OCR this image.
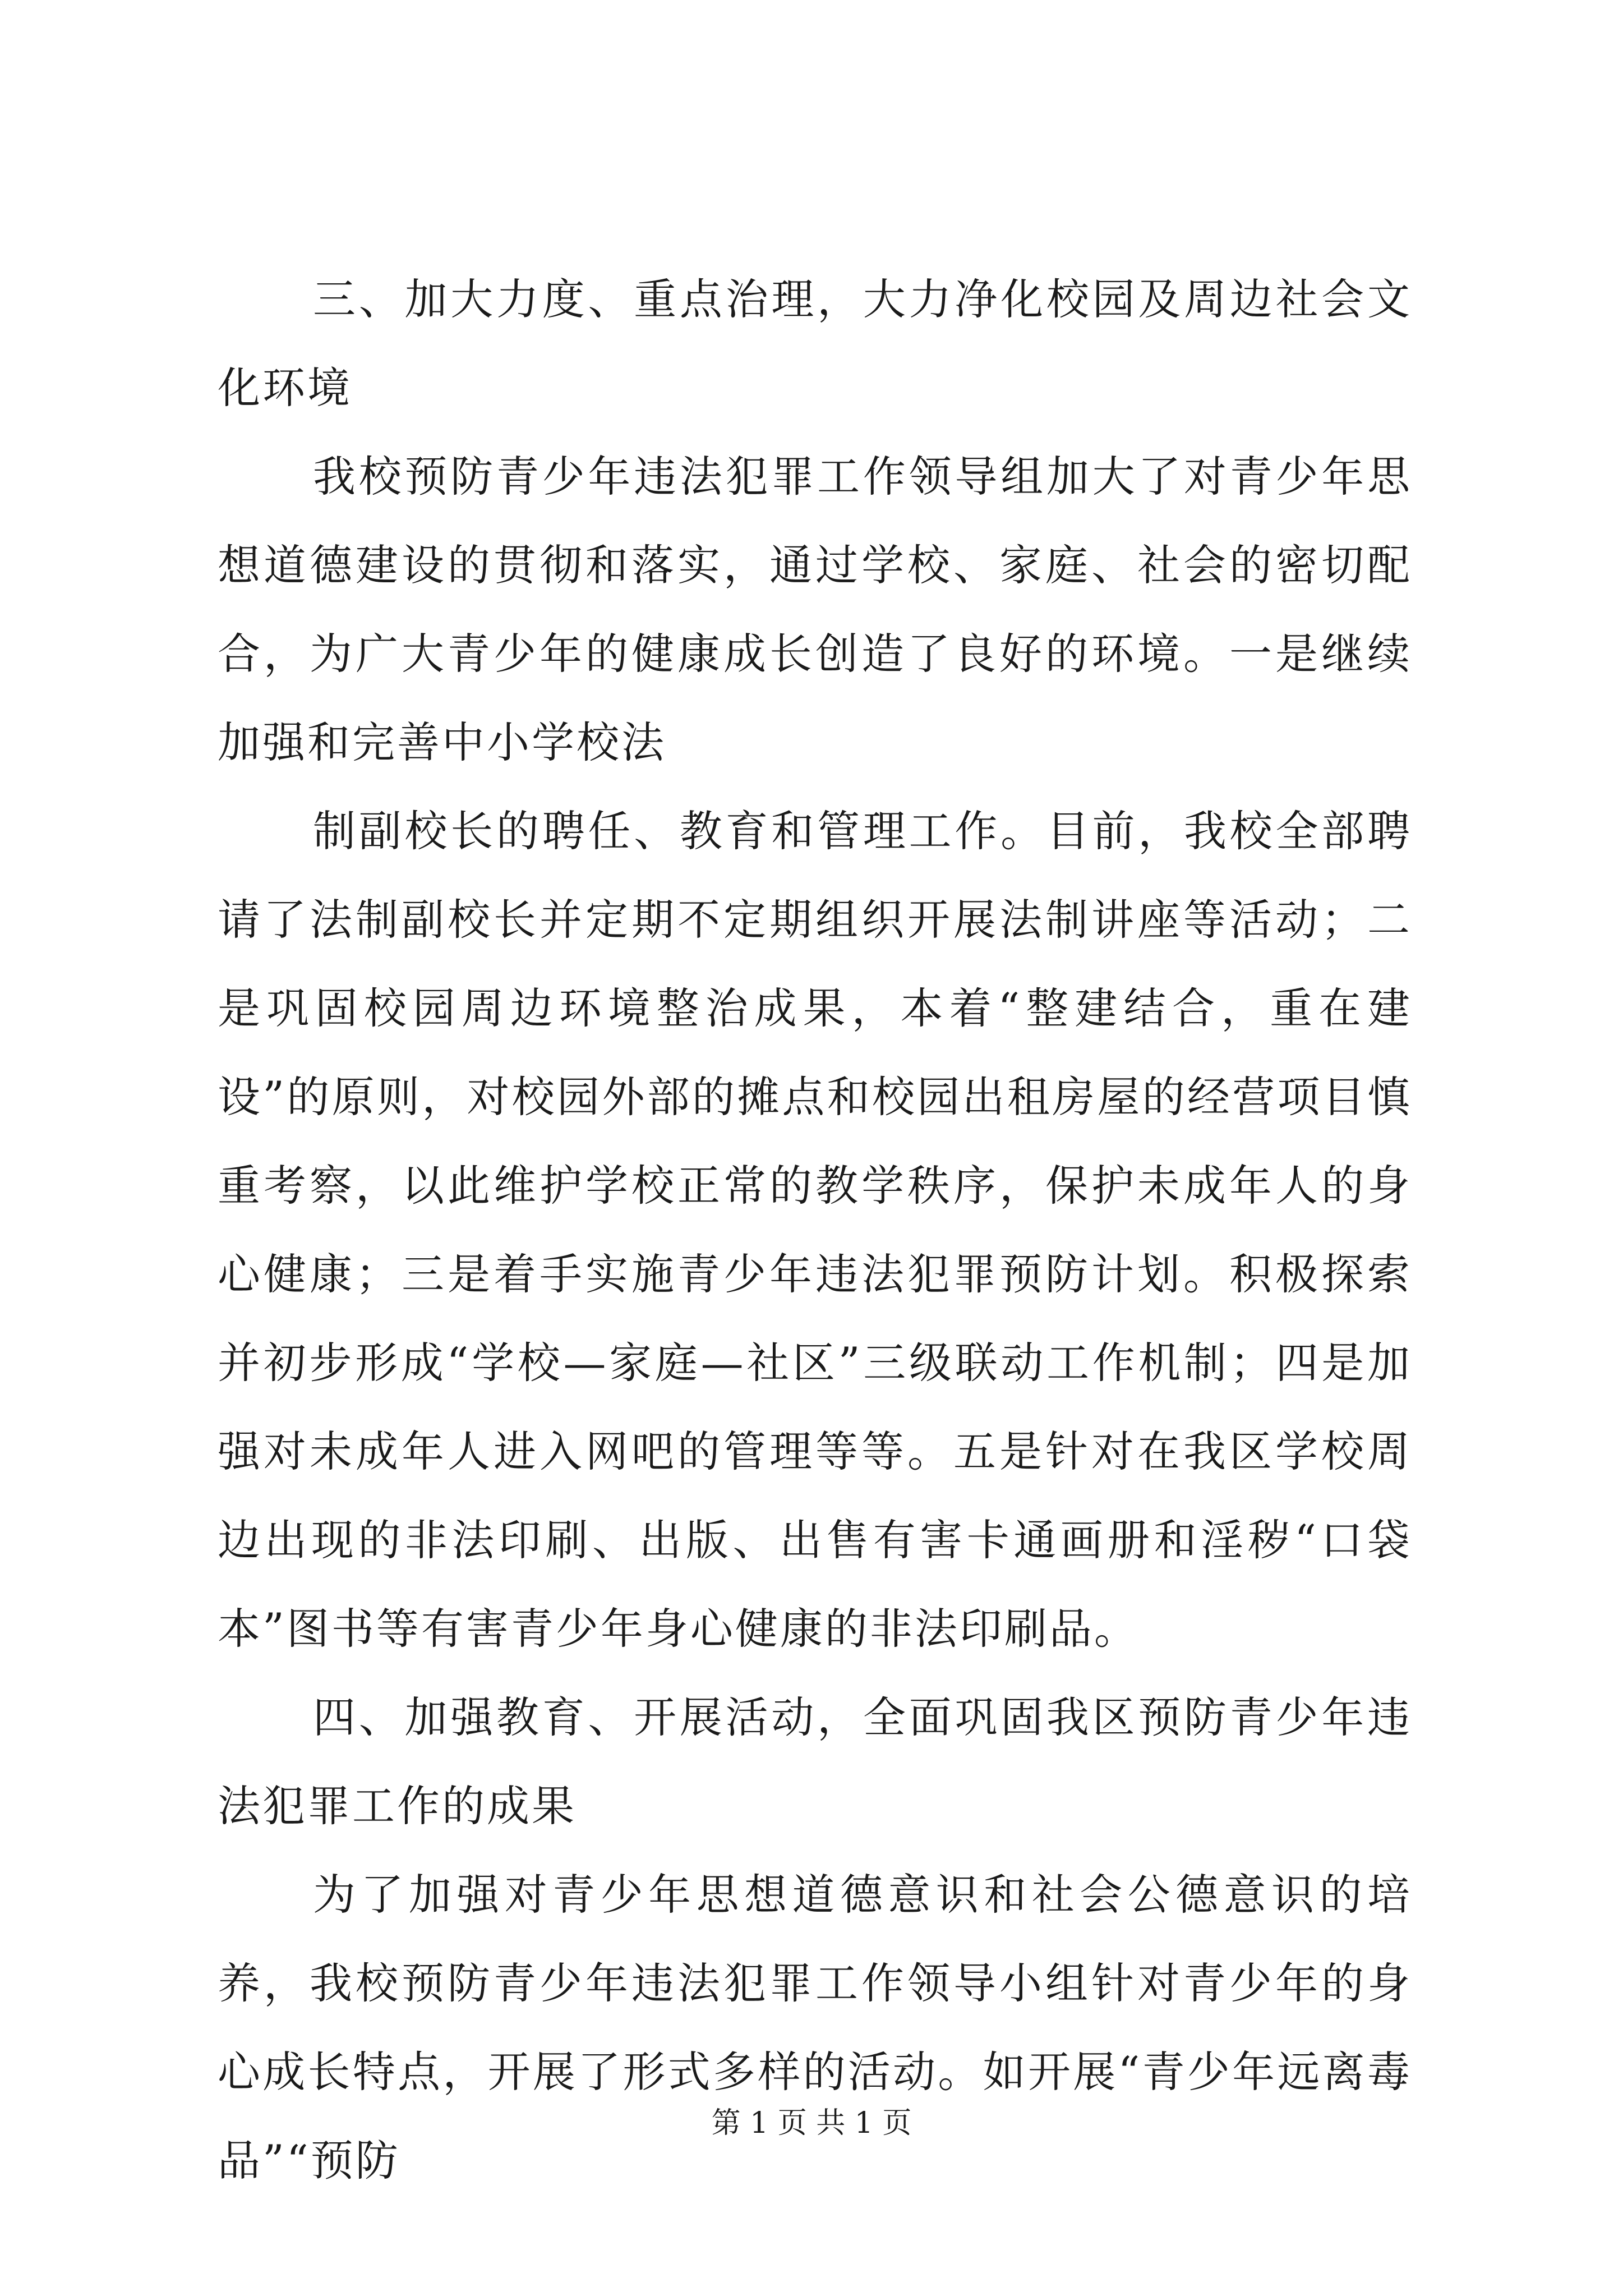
三、加大力度、重点治理，大力净化校园及周边社会文化环境

我校预防青少年违法犯罪工作领导组加大了对青少年思想道德建设的贯彻和落实，通过学校、家庭、社会的密切配合，为广大青少年的健康成长创造了良好的环境。一是继续加强和完善中小学校法

制副校长的聘任、教育和管理工作。目前，我校全部聘请了法制副校长并定期不定期组织开展法制讲座等活动；二是巩固校园周边环境整治成果，本着“整建结合，重在建设”的原则，对校园外部的摊点和校园出租房屋的经营项目慎重考察，以此维护学校正常的教学秩序，保护未成年人的身心健康；三是着手实施青少年违法犯罪预防计划。积极探索并初步形成“学校—家庭—社区”三级联动工作机制；四是加强对未成年人进入网吧的管理等等。五是针对在我区学校周边出现的非法印刷、出版、出售有害卡通画册和淫秽“口袋本”图书等有害青少年身心健康的非法印刷品。

四、加强教育、开展活动，全面巩固我区预防青少年违法犯罪工作的成果

为了加强对青少年思想道德意识和社会公德意识的培养，我校预防青少年违法犯罪工作领导小组针对青少年的身心成长特点，开展了形式多样的活动。如开展“青少年远离毒品”“预防

第 1 页 共 1 页
